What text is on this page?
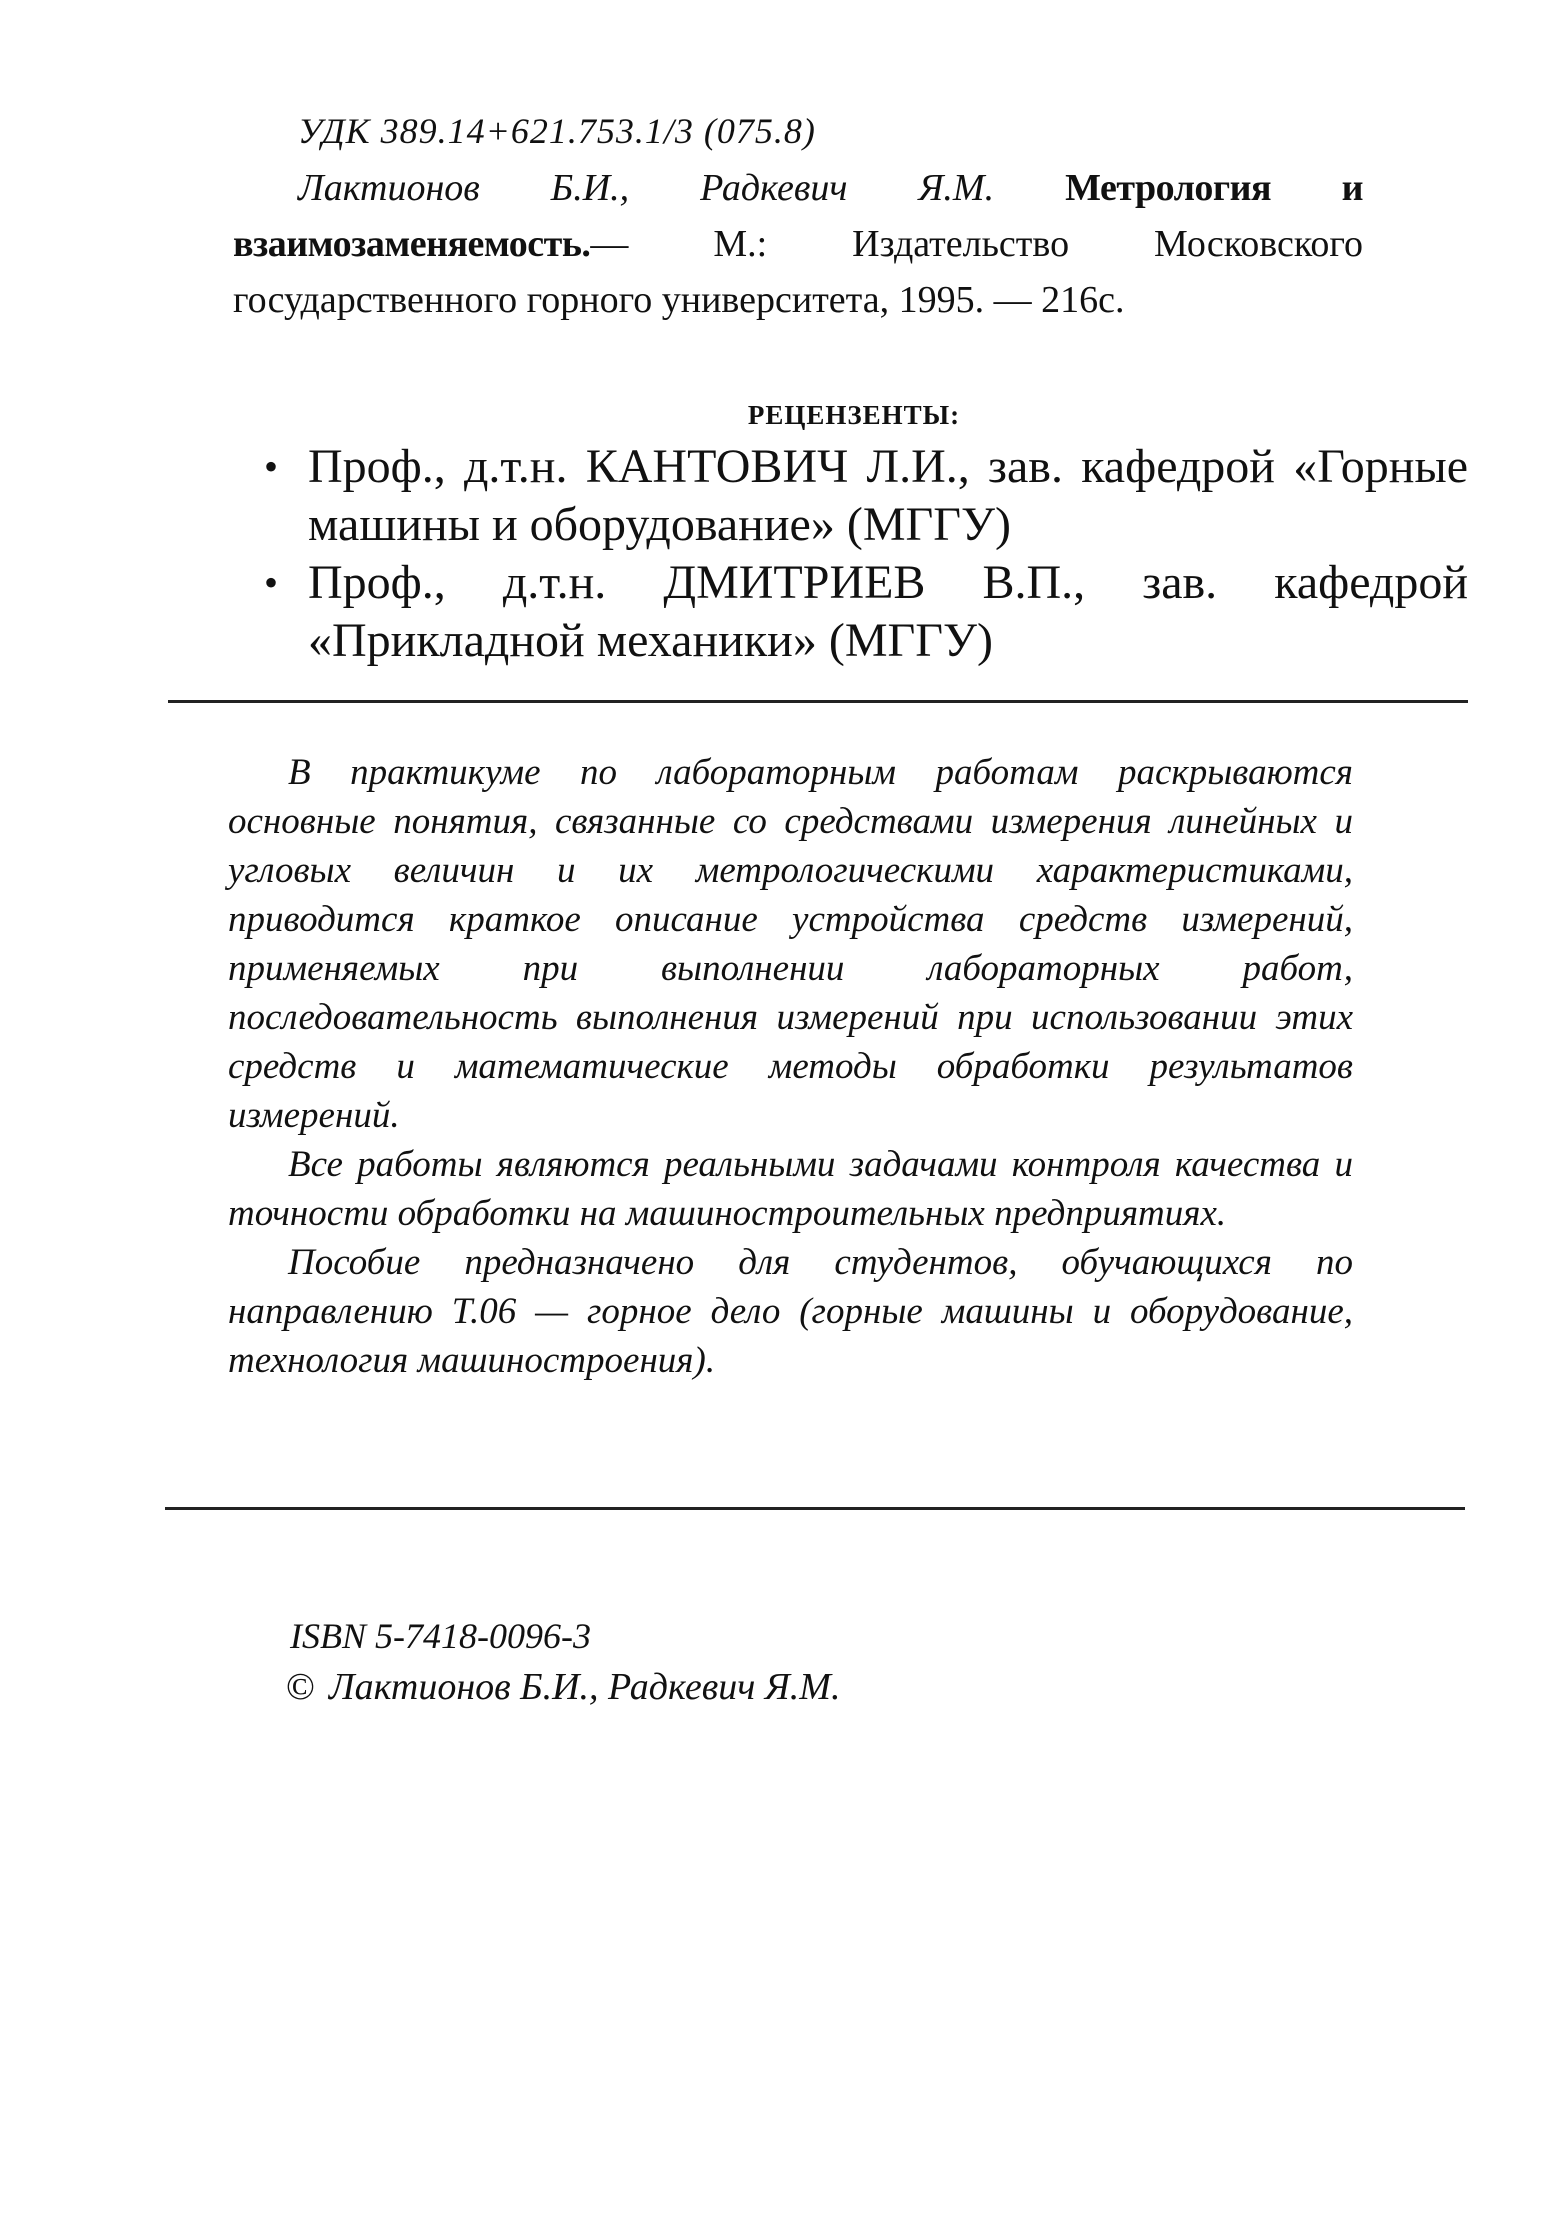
УДК 389.14+621.753.1/3 (075.8)

Лактионов Б.И., Радкевич Я.М. Метрология и взаимозаменяемость.— М.: Издательство Московского государственного горного университета, 1995. — 216с.

РЕЦЕНЗЕНТЫ:

• Проф., д.т.н. КАНТОВИЧ Л.И., зав. кафедрой «Горные машины и оборудование» (МГГУ)
• Проф., д.т.н. ДМИТРИЕВ В.П., зав. кафедрой «Прикладной механики» (МГГУ)

В практикуме по лабораторным работам раскрываются основные понятия, связанные со средствами измерения линейных и угловых величин и их метрологическими характеристиками, приводится краткое описание устройства средств измерений, применяемых при выполнении лабораторных работ, последовательность выполнения измерений при использовании этих средств и математические методы обработки результатов измерений.

Все работы являются реальными задачами контроля качества и точности обработки на машиностроительных предприятиях.

Пособие предназначено для студентов, обучающихся по направлению Т.06 — горное дело (горные машины и оборудование, технология машиностроения).

ISBN 5-7418-0096-3

© Лактионов Б.И., Радкевич Я.М.
